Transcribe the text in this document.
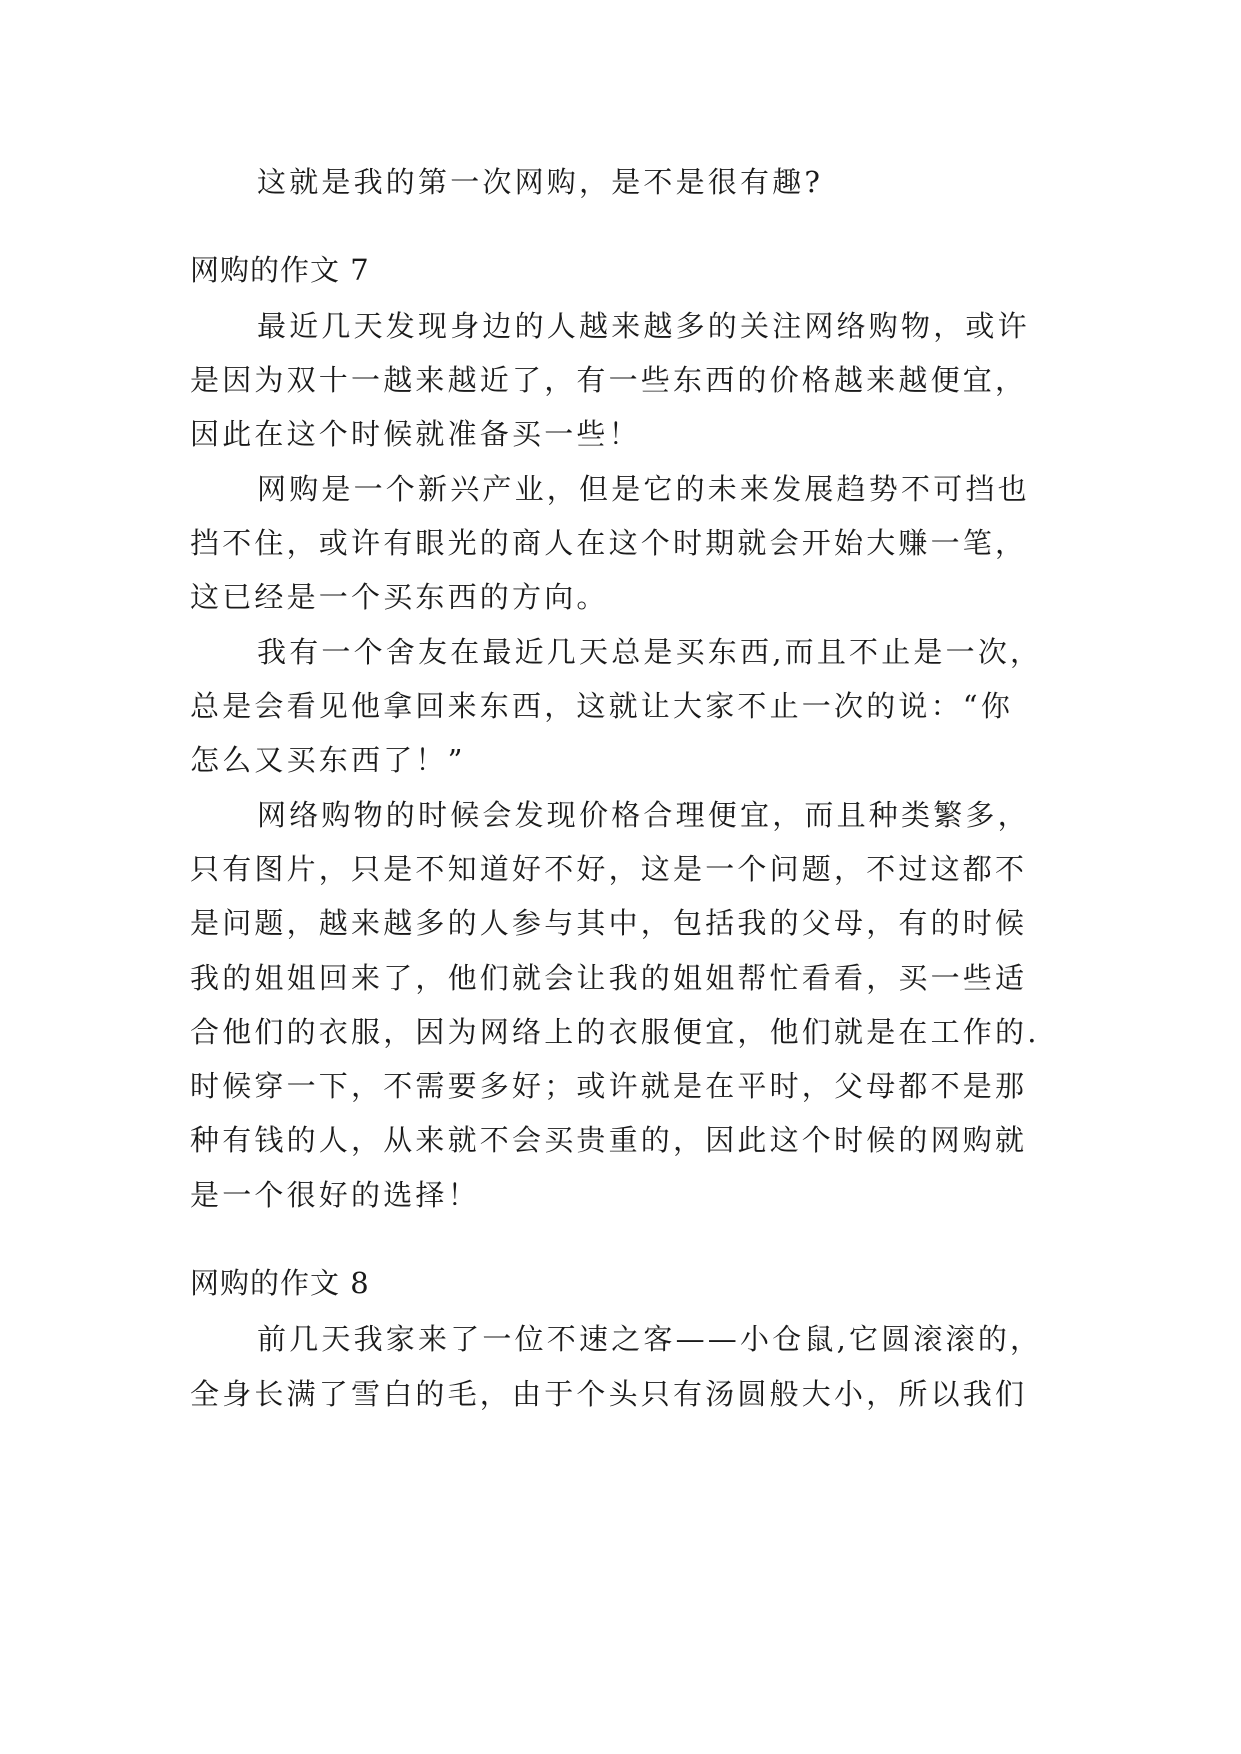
这就是我的第一次网购，是不是很有趣?
网购的作文 7
最近几天发现身边的人越来越多的关注网络购物，或许
是因为双十一越来越近了，有一些东西的价格越来越便宜，
因此在这个时候就准备买一些！
网购是一个新兴产业，但是它的未来发展趋势不可挡也
挡不住，或许有眼光的商人在这个时期就会开始大赚一笔，
这已经是一个买东西的方向。
我有一个舍友在最近几天总是买东西,而且不止是一次，
总是会看见他拿回来东西，这就让大家不止一次的说：“你
怎么又买东西了！”
网络购物的时候会发现价格合理便宜，而且种类繁多，
只有图片，只是不知道好不好，这是一个问题，不过这都不
是问题，越来越多的人参与其中，包括我的父母，有的时候
我的姐姐回来了，他们就会让我的姐姐帮忙看看，买一些适
合他们的衣服，因为网络上的衣服便宜，他们就是在工作的.
时候穿一下，不需要多好；或许就是在平时，父母都不是那
种有钱的人，从来就不会买贵重的，因此这个时候的网购就
是一个很好的选择！
网购的作文 8
前几天我家来了一位不速之客——小仓鼠,它圆滚滚的，
全身长满了雪白的毛，由于个头只有汤圆般大小，所以我们
